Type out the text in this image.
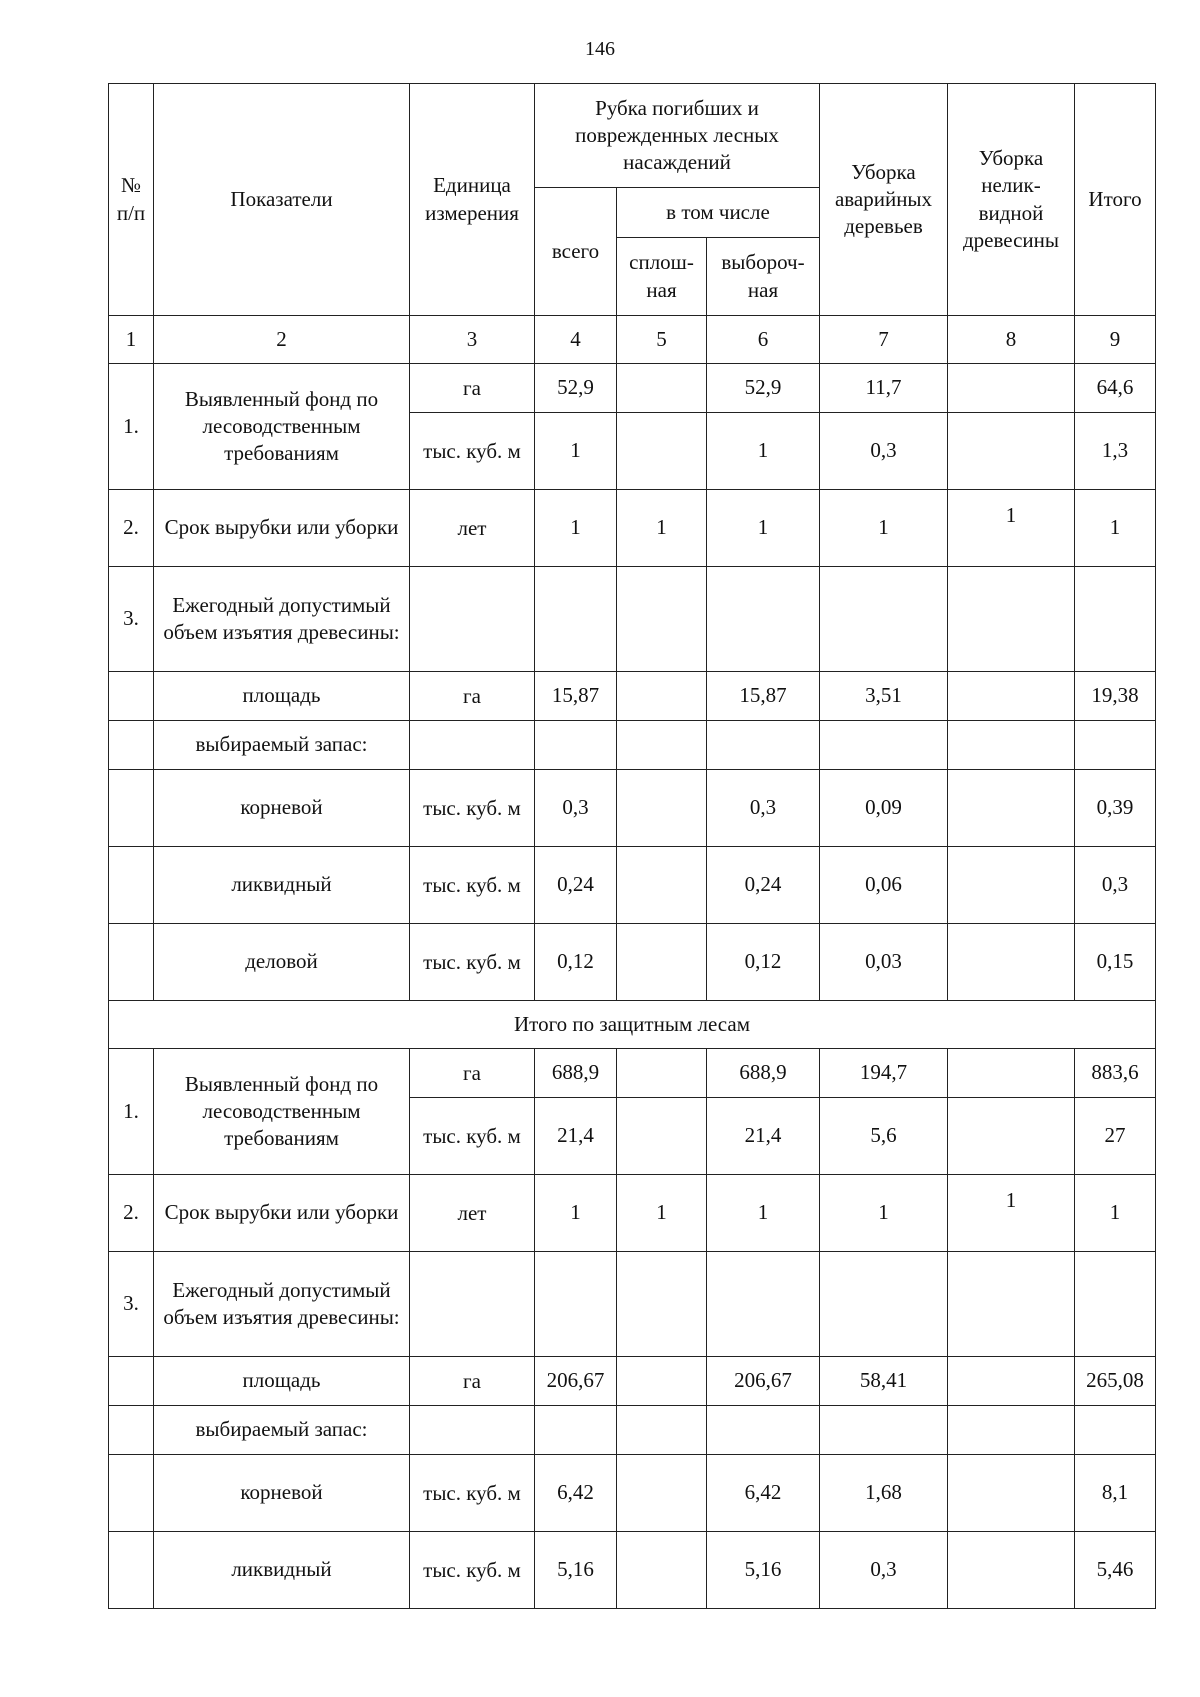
146
№ п/п	Показатели	Единица измерения	Рубка погибших и поврежденных лесных насаждений			Уборка аварийных деревьев	Уборка нелик-видной древесины	Итого
			всего	в том числе				
				сплош-ная	выбороч-ная			
1	2	3	4	5	6	7	8	9
1.	Выявленный фонд по лесоводственным требованиям	га	52,9		52,9	11,7		64,6
		тыс. куб. м	1		1	0,3		1,3
2.	Срок вырубки или уборки	лет	1	1	1	1	1	1
3.	Ежегодный допустимый объем изъятия древесины:							
	площадь	га	15,87		15,87	3,51		19,38
	выбираемый запас:							
	корневой	тыс. куб. м	0,3		0,3	0,09		0,39
	ликвидный	тыс. куб. м	0,24		0,24	0,06		0,3
	деловой	тыс. куб. м	0,12		0,12	0,03		0,15
Итого по защитным лесам								
1.	Выявленный фонд по лесоводственным требованиям	га	688,9		688,9	194,7		883,6
		тыс. куб. м	21,4		21,4	5,6		27
2.	Срок вырубки или уборки	лет	1	1	1	1	1	1
3.	Ежегодный допустимый объем изъятия древесины:							
	площадь	га	206,67		206,67	58,41		265,08
	выбираемый запас:							
	корневой	тыс. куб. м	6,42		6,42	1,68		8,1
	ликвидный	тыс. куб. м	5,16		5,16	0,3		5,46
